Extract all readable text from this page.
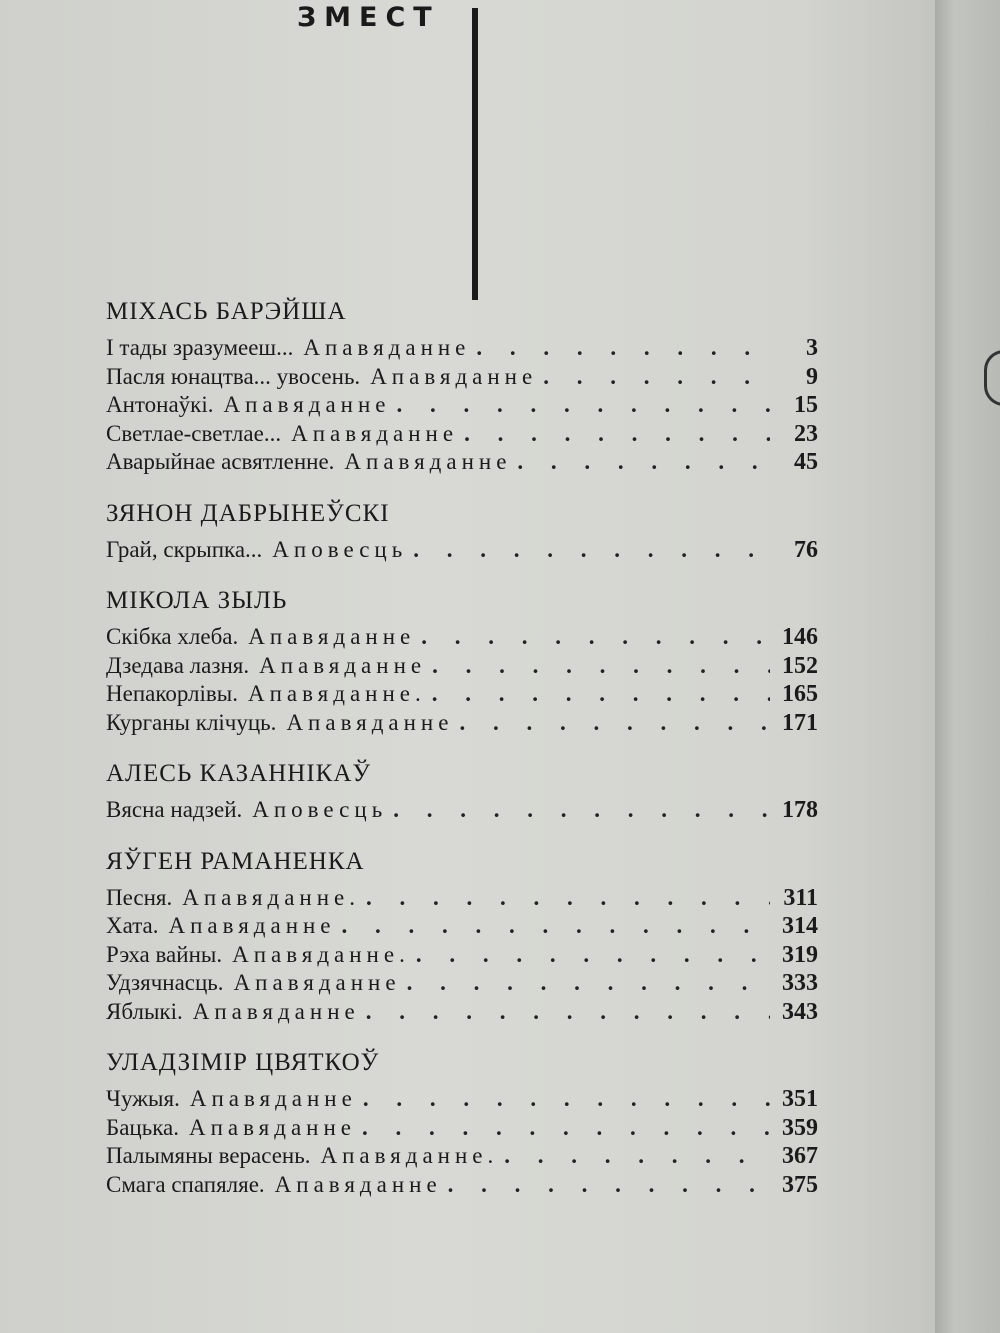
ЗМЕСТ
МІХАСЬ БАРЭЙША
І тады зразумееш... Апавяданне . . .	3
Пасля юнацтва... увосень. Апавяданне . . .	9
Антонаўкі. Апавяданне . . .	15
Светлае-светлае... Апавяданне . . .	23
Аварыйнае асвятленне. Апавяданне . . .	45
ЗЯНОН ДАБРЫНЕЎСКІ
Грай, скрыпка... Аповесць . . .	76
МІКОЛА ЗЫЛЬ
Скібка хлеба. Апавяданне . . .	146
Дзедава лазня. Апавяданне . . .	152
Непакорлівы. Апавяданне. . . .	165
Курганы клічуць. Апавяданне . . .	171
АЛЕСЬ КАЗАННІКАЎ
Вясна надзей. Аповесць . . .	178
ЯЎГЕН РАМАНЕНКА
Песня. Апавяданне. . . .	311
Хата. Апавяданне . . .	314
Рэха вайны. Апавяданне. . . .	319
Удзячнасць. Апавяданне . . .	333
Яблыкі. Апавяданне . . .	343
УЛАДЗІМІР ЦВЯТКОЎ
Чужыя. Апавяданне . . .	351
Бацька. Апавяданне . . .	359
Палымяны верасень. Апавяданне. . . .	367
Смага спапяляе. Апавяданне . . .	375
